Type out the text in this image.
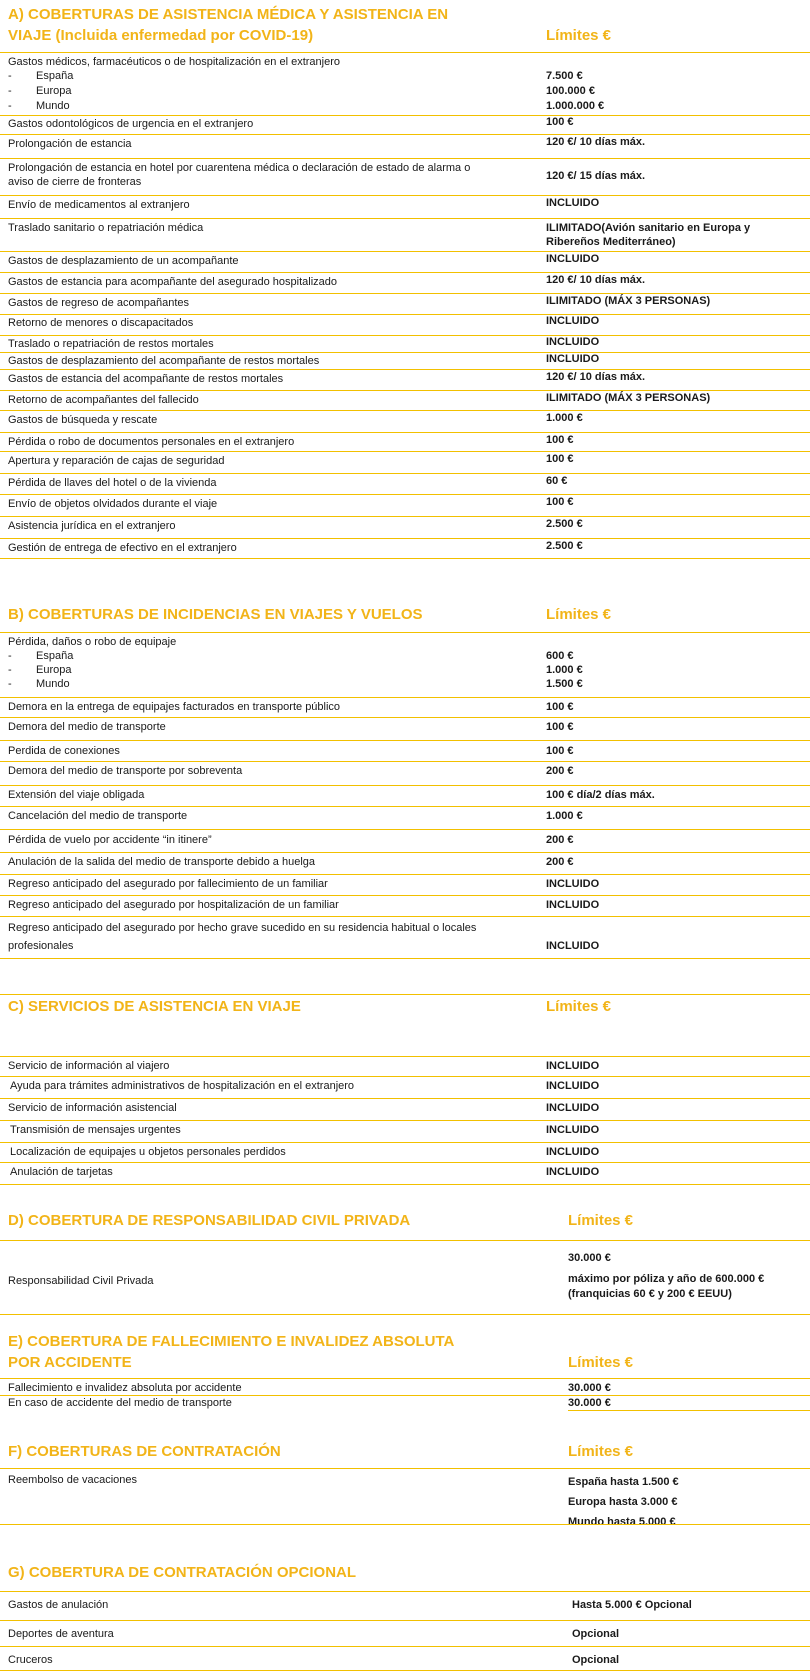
A) COBERTURAS DE ASISTENCIA MÉDICA Y ASISTENCIA EN
VIAJE (Incluida enfermedad por COVID-19)	Límites €
Gastos médicos, farmacéuticos o de hospitalización en el extranjero
- España	7.500 €
- Europa	100.000 €
- Mundo	1.000.000 €
Gastos odontológicos de urgencia en el extranjero	100 €
Prolongación de estancia	120 €/ 10 días máx.
Prolongación de estancia en hotel por cuarentena médica o declaración de estado de alarma o
aviso de cierre de fronteras	120 €/ 15 días máx.
Envío de medicamentos al extranjero	INCLUIDO
Traslado sanitario o repatriación médica	ILIMITADO(Avión sanitario en Europa y
Ribereños Mediterráneo)
Gastos de desplazamiento de un acompañante	INCLUIDO
Gastos de estancia para acompañante del asegurado hospitalizado	120 €/ 10 días máx.
Gastos de regreso de acompañantes	ILIMITADO (MÁX 3 PERSONAS)
Retorno de menores o discapacitados	INCLUIDO
Traslado o repatriación de restos mortales	INCLUIDO
Gastos de desplazamiento del acompañante de restos mortales	INCLUIDO
Gastos de estancia del acompañante de restos mortales	120 €/ 10 días máx.
Retorno de acompañantes del fallecido	ILIMITADO (MÁX 3 PERSONAS)
Gastos de búsqueda y rescate	1.000 €
Pérdida o robo de documentos personales en el extranjero	100 €
Apertura y reparación de cajas de seguridad	100 €
Pérdida de llaves del hotel o de la vivienda	60 €
Envío de objetos olvidados durante el viaje	100 €
Asistencia jurídica en el extranjero	2.500 €
Gestión de entrega de efectivo en el extranjero	2.500 €
B) COBERTURAS DE INCIDENCIAS EN VIAJES Y VUELOS	Límites €
Pérdida, daños o robo de equipaje
- España	600 €
- Europa	1.000 €
- Mundo	1.500 €
Demora en la entrega de equipajes facturados en transporte público	100 €
Demora del medio de transporte	100 €
Perdida de conexiones	100 €
Demora del medio de transporte por sobreventa	200 €
Extensión del viaje obligada	100 € día/2 días máx.
Cancelación del medio de transporte	1.000 €
Pérdida de vuelo por accidente “in itinere”	200 €
Anulación de la salida del medio de transporte debido a huelga	200 €
Regreso anticipado del asegurado por fallecimiento de un familiar	INCLUIDO
Regreso anticipado del asegurado por hospitalización de un familiar	INCLUIDO
Regreso anticipado del asegurado por hecho grave sucedido en su residencia habitual o locales
profesionales	INCLUIDO
C) SERVICIOS DE ASISTENCIA EN VIAJE	Límites €
Servicio de información al viajero	INCLUIDO
Ayuda para trámites administrativos de hospitalización en el extranjero	INCLUIDO
Servicio de información asistencial	INCLUIDO
Transmisión de mensajes urgentes	INCLUIDO
Localización de equipajes u objetos personales perdidos	INCLUIDO
Anulación de tarjetas	INCLUIDO
D) COBERTURA DE RESPONSABILIDAD CIVIL PRIVADA	Límites €
30.000 €
Responsabilidad Civil Privada	máximo por póliza y año de 600.000 €
(franquicias 60 € y 200 € EEUU)
E) COBERTURA DE FALLECIMIENTO E INVALIDEZ ABSOLUTA
POR ACCIDENTE	Límites €
Fallecimiento e invalidez absoluta por accidente	30.000 €
En caso de accidente del medio de transporte	30.000 €
F) COBERTURAS DE CONTRATACIÓN	Límites €
Reembolso de vacaciones	España hasta 1.500 €
Europa hasta 3.000 €
Mundo hasta 5.000 €
G) COBERTURA DE CONTRATACIÓN OPCIONAL
Gastos de anulación	Hasta 5.000 € Opcional
Deportes de aventura	Opcional
Cruceros	Opcional
